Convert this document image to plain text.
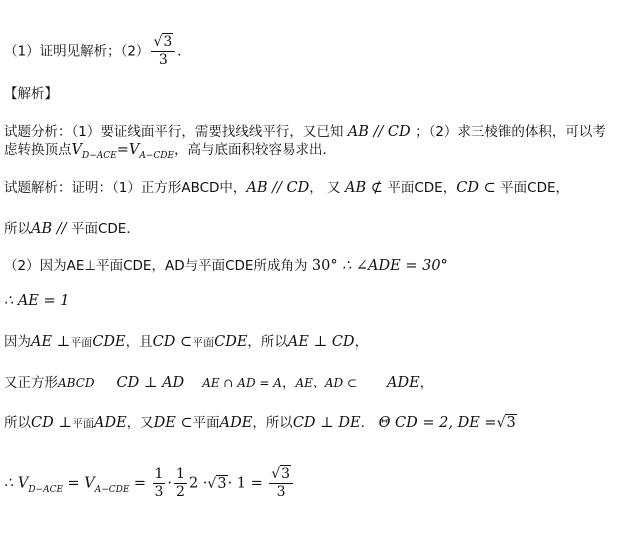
（1）证明见解析；$(2) \frac{√3}{3}$ ．
【解析】
试题分析：（1）要证线面平行，需要找线线平行，又已知 AB // CD ；（2）求三棱锥的体积，可以考
虑转换顶点$V_{D-ACE}=V_{A-CDE}$，高与底面积较容易求出.
试题解析：证明：（1）正方形ABCD中，AB // CD， 又 AB ⊄ 平面CDE，CD ⊂ 平面CDE，
所以AB // 平面CDE．
（2）因为AE⊥平面CDE，AD与平面CDE所成角为 30° ∴ ∠ADE = 30°
∴ AE = 1
因为AE ⊥平面CDE，且CD ⊂平面CDE，所以AE ⊥ CD，
又正方形ABCD CD ⊥ AD AE ∩ AD = A，AE、AD ⊂ ADE，
所以CD ⊥平面ADE，又DE ⊂平面ADE，所以CD ⊥ DE． Θ CD = 2, DE =√3
∴ $V_{D-ACE} = V_{A-CDE} = \frac{1}{3} \cdot \frac{1}{2} 2 \cdot√3\cdot 1 = \frac{√3}{3}$
